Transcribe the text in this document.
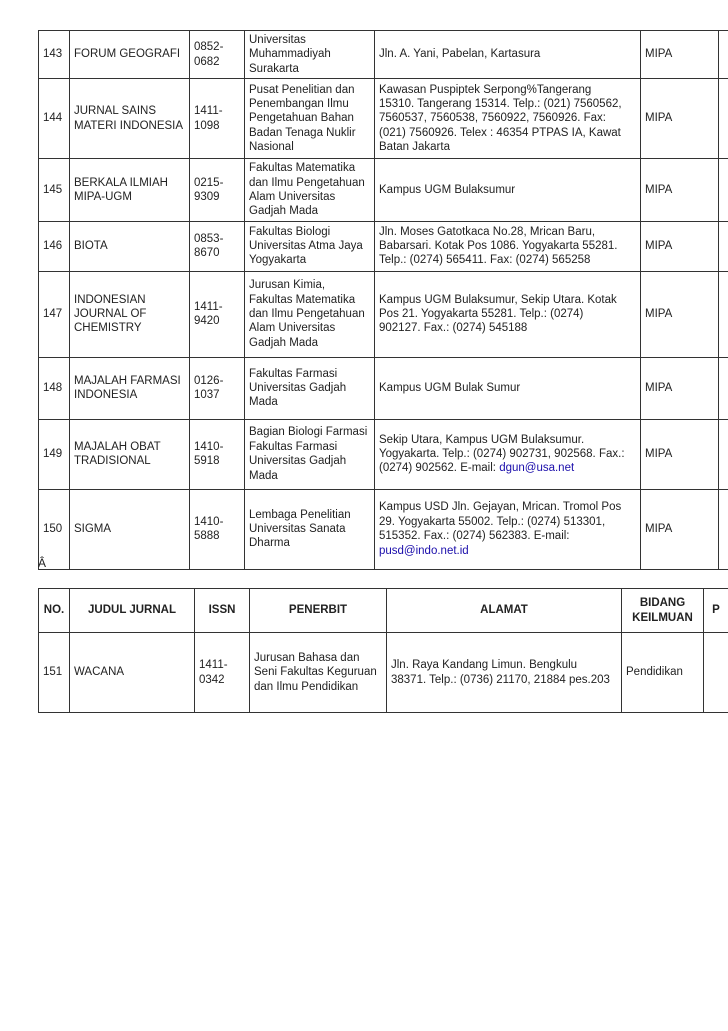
143	FORUM GEOGRAFI	0852-
0682	Universitas
Muhammadiyah
Surakarta	Jln. A. Yani, Pabelan, Kartasura	MIPA	

144	JURNAL SAINS
MATERI INDONESIA	1411-
1098	Pusat Penelitian dan
Penembangan Ilmu
Pengetahuan Bahan
Badan Tenaga Nuklir
Nasional	Kawasan Puspiptek Serpong%Tangerang
15310. Tangerang 15314. Telp.: (021) 7560562,
7560537, 7560538, 7560922, 7560926. Fax:
(021) 7560926. Telex : 46354 PTPAS IA, Kawat
Batan Jakarta	MIPA	

145	BERKALA ILMIAH
MIPA-UGM	0215-
9309	Fakultas Matematika
dan Ilmu Pengetahuan
Alam Universitas
Gadjah Mada	Kampus UGM Bulaksumur	MIPA	

146	BIOTA	0853-
8670	Fakultas Biologi
Universitas Atma Jaya
Yogyakarta	Jln. Moses Gatotkaca No.28, Mrican Baru,
Babarsari. Kotak Pos 1086. Yogyakarta 55281.
Telp.: (0274) 565411. Fax: (0274) 565258	MIPA	

147	INDONESIAN
JOURNAL OF
CHEMISTRY	1411-
9420	Jurusan Kimia,
Fakultas Matematika
dan Ilmu Pengetahuan
Alam Universitas
Gadjah Mada	Kampus UGM Bulaksumur, Sekip Utara. Kotak
Pos 21. Yogyakarta 55281. Telp.: (0274)
902127. Fax.: (0274) 545188	MIPA	

148	MAJALAH FARMASI
INDONESIA	0126-
1037	Fakultas Farmasi
Universitas Gadjah
Mada	Kampus UGM Bulak Sumur	MIPA	

149	MAJALAH OBAT
TRADISIONAL	1410-
5918	Bagian Biologi Farmasi
Fakultas Farmasi
Universitas Gadjah
Mada	Sekip Utara, Kampus UGM Bulaksumur.
Yogyakarta. Telp.: (0274) 902731, 902568. Fax.:
(0274) 902562. E-mail: dgun@usa.net	MIPA	

150	SIGMA	1410-
5888	Lembaga Penelitian
Universitas Sanata
Dharma	Kampus USD Jln. Gejayan, Mrican. Tromol Pos
29. Yogyakarta 55002. Telp.: (0274) 513301,
515352. Fax.: (0274) 562383. E-mail:
pusd@indo.net.id	MIPA	

Â
NO.	JUDUL JURNAL	ISSN	PENERBIT	ALAMAT	BIDANG
KEILMUAN	P

151	WACANA	1411-
0342	Jurusan Bahasa dan
Seni Fakultas Keguruan
dan Ilmu Pendidikan	Jln. Raya Kandang Limun. Bengkulu
38371. Telp.: (0736) 21170, 21884 pes.203	Pendidikan	
